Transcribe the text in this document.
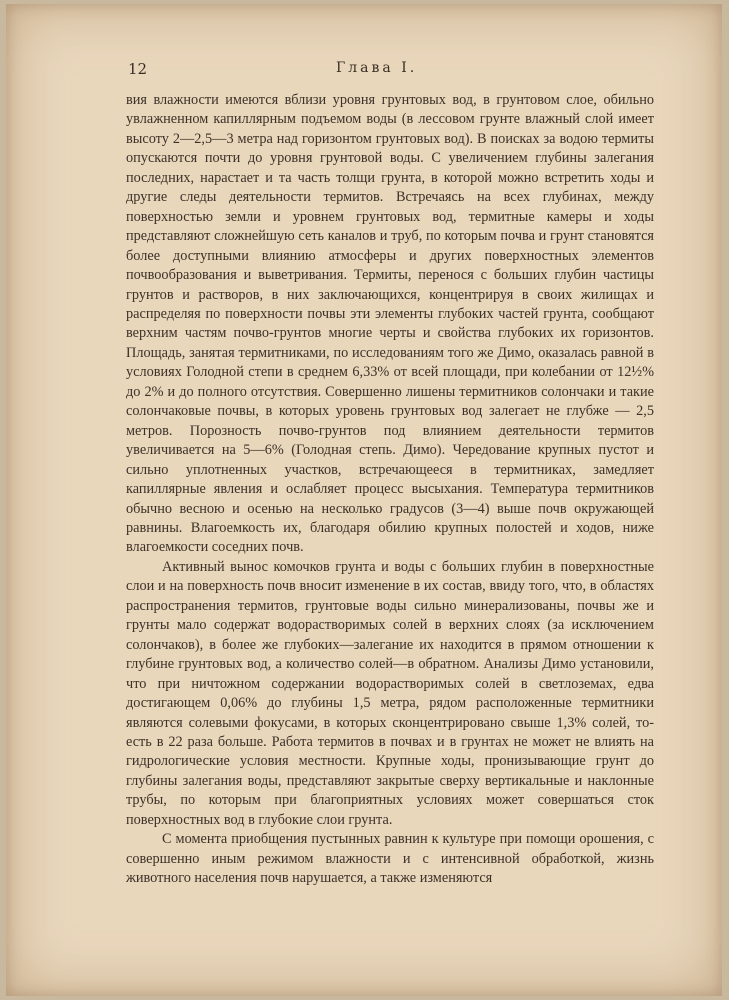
12	Глава I.

вия влажности имеются вблизи уровня грунтовых вод, в грунтовом слое, обильно увлажненном капиллярным подъемом воды (в лессовом грунте влажный слой имеет высоту 2—2,5—3 метра над горизонтом грунтовых вод). В поисках за водою термиты опускаются почти до уровня грунтовой воды. С увеличением глубины залегания последних, нарастает и та часть толщи грунта, в которой можно встретить ходы и другие следы деятельности термитов. Встречаясь на всех глубинах, между поверхностью земли и уровнем грунтовых вод, термитные камеры и ходы представляют сложнейшую сеть каналов и труб, по которым почва и грунт становятся более доступными влиянию атмосферы и других поверхностных элементов почвообразования и выветривания. Термиты, перенося с больших глубин частицы грунтов и растворов, в них заключающихся, концентрируя в своих жилищах и распределяя по поверхности почвы эти элементы глубоких частей грунта, сообщают верхним частям почво-грунтов многие черты и свойства глубоких их горизонтов. Площадь, занятая термитниками, по исследованиям того же Димо, оказалась равной в условиях Голодной степи в среднем 6,33% от всей площади, при колебании от 12½% до 2% и до полного отсутствия. Совершенно лишены термитников солончаки и такие солончаковые почвы, в которых уровень грунтовых вод залегает не глубже — 2,5 метров. Порозность почво-грунтов под влиянием деятельности термитов увеличивается на 5—6% (Голодная степь. Димо). Чередование крупных пустот и сильно уплотненных участков, встречающееся в термитниках, замедляет капиллярные явления и ослабляет процесс высыхания. Температура термитников обычно весною и осенью на несколько градусов (3—4) выше почв окружающей равнины. Влагоемкость их, благодаря обилию крупных полостей и ходов, ниже влагоемкости соседних почв.

Активный вынос комочков грунта и воды с больших глубин в поверхностные слои и на поверхность почв вносит изменение в их состав, ввиду того, что, в областях распространения термитов, грунтовые воды сильно минерализованы, почвы же и грунты мало содержат водорастворимых солей в верхних слоях (за исключением солончаков), в более же глубоких—залегание их находится в прямом отношении к глубине грунтовых вод, а количество солей—в обратном. Анализы Димо установили, что при ничтожном содержании водорастворимых солей в светлоземах, едва достигающем 0,06% до глубины 1,5 метра, рядом расположенные термитники являются солевыми фокусами, в которых сконцентрировано свыше 1,3% солей, то-есть в 22 раза больше. Работа термитов в почвах и в грунтах не может не влиять на гидрологические условия местности. Крупные ходы, пронизывающие грунт до глубины залегания воды, представляют закрытые сверху вертикальные и наклонные трубы, по которым при благоприятных условиях может совершаться сток поверхностных вод в глубокие слои грунта.

С момента приобщения пустынных равнин к культуре при помощи орошения, с совершенно иным режимом влажности и с интенсивной обработкой, жизнь животного населения почв нарушается, а также изменяются
